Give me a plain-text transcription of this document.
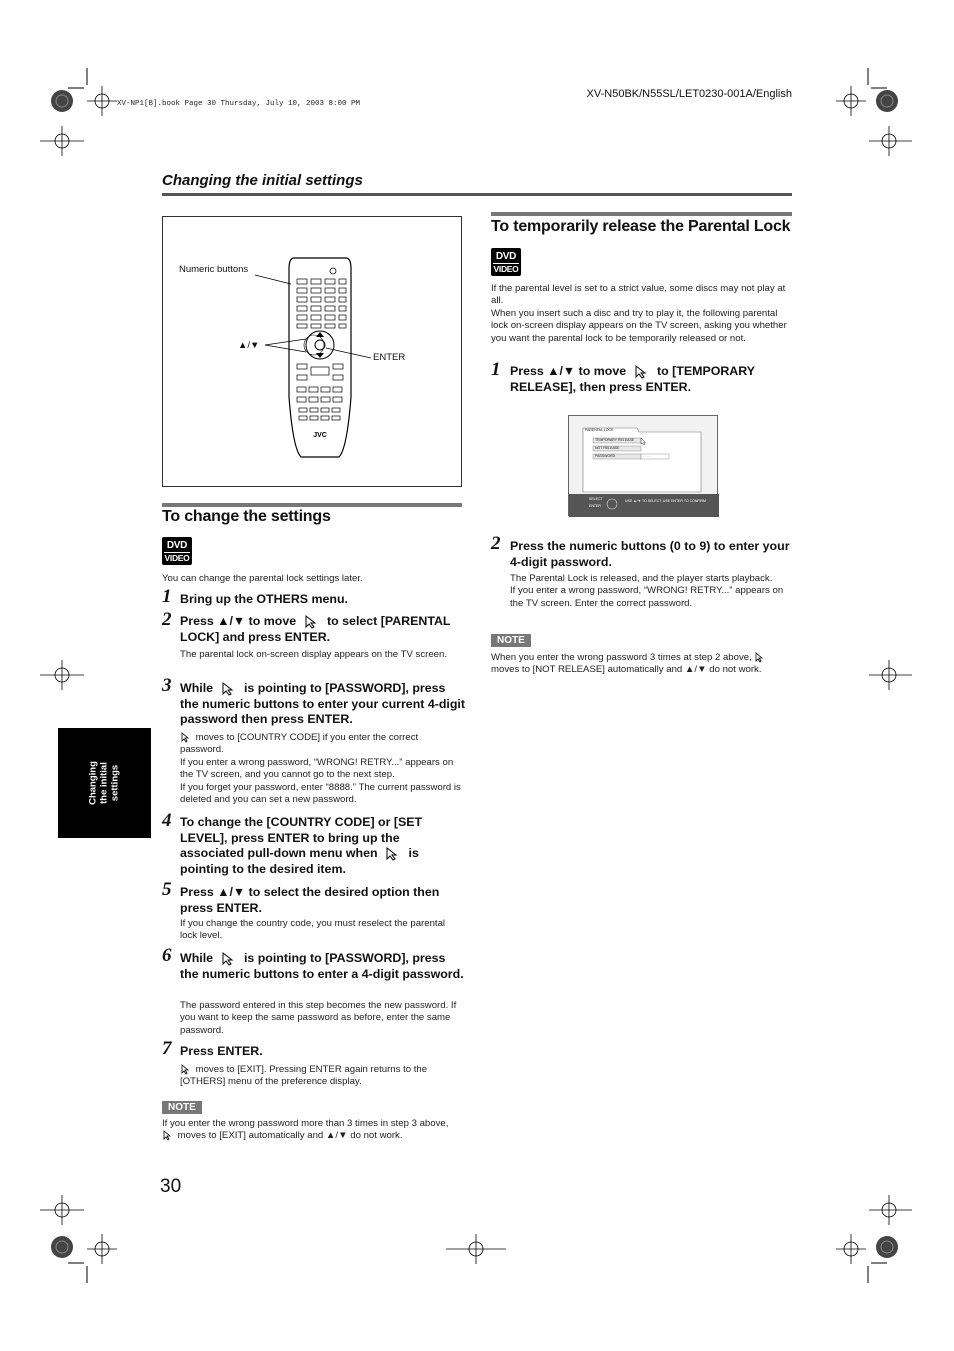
XV-NP1[B].book Page 30 Thursday, July 10, 2003 8:00 PM
XV-N50BK/N55SL/LET0230-001A/English
Changing the initial settings
Numeric buttons
▲/▼
ENTER
JVC
To change the settings
DVD
VIDEO
You can change the parental lock settings later.
1 Bring up the OTHERS menu.
2 Press ▲/▼ to move to select [PARENTAL LOCK] and press ENTER.
The parental lock on-screen display appears on the TV screen.
3 While is pointing to [PASSWORD], press the numeric buttons to enter your current 4-digit password then press ENTER.
moves to [COUNTRY CODE] if you enter the correct password.
If you enter a wrong password, “WRONG! RETRY...” appears on the TV screen, and you cannot go to the next step.
If you forget your password, enter “8888.” The current password is deleted and you can set a new password.
4 To change the [COUNTRY CODE] or [SET LEVEL], press ENTER to bring up the associated pull-down menu when is pointing to the desired item.
5 Press ▲/▼ to select the desired option then press ENTER.
If you change the country code, you must reselect the parental lock level.
6 While is pointing to [PASSWORD], press the numeric buttons to enter a 4-digit password.
The password entered in this step becomes the new password. If you want to keep the same password as before, enter the same password.
7 Press ENTER.
moves to [EXIT]. Pressing ENTER again returns to the [OTHERS] menu of the preference display.
NOTE
If you enter the wrong password more than 3 times in step 3 above,  moves to [EXIT] automatically and ▲/▼ do not work.
To temporarily release the Parental Lock
DVD
VIDEO
If the parental level is set to a strict value, some discs may not play at all.
When you insert such a disc and try to play it, the following parental lock on-screen display appears on the TV screen, asking you whether you want the parental lock to be temporarily released or not.
1 Press ▲/▼ to move to [TEMPORARY RELEASE], then press ENTER.
PARENTAL LOCK
TEMPORARY RELEASE
NOT RELEASE
PASSWORD	- - - -
SELECT
ENTER
USE ▲/▼ TO SELECT, USE ENTER TO CONFIRM
2 Press the numeric buttons (0 to 9) to enter your 4-digit password.
The Parental Lock is released, and the player starts playback.
If you enter a wrong password, “WRONG! RETRY...” appears on the TV screen. Enter the correct password.
NOTE
When you enter the wrong password 3 times at step 2 above,  moves to [NOT RELEASE] automatically and ▲/▼ do not work.
Changing the initial settings
30
